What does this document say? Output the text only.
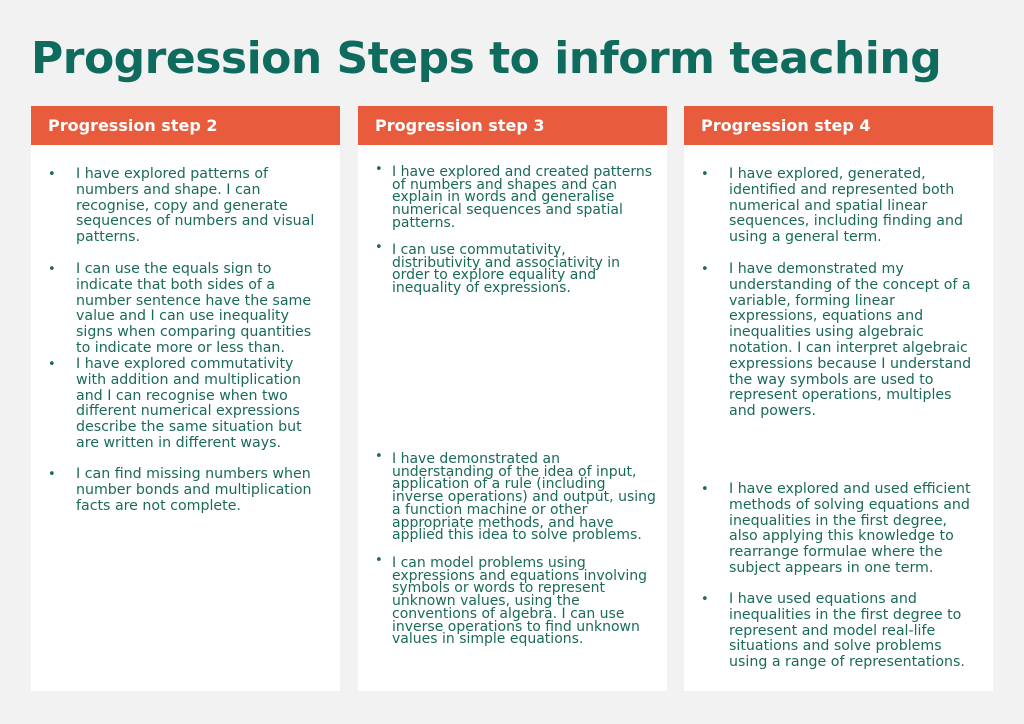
Progression Steps to inform teaching
Progression step 2

• I have explored patterns of numbers and shape. I can recognise, copy and generate sequences of numbers and visual patterns.

• I can use the equals sign to indicate that both sides of a number sentence have the same value and I can use inequality signs when comparing quantities to indicate more or less than.

• I have explored commutativity with addition and multiplication and I can recognise when two different numerical expressions describe the same situation but are written in different ways.

• I can find missing numbers when number bonds and multiplication facts are not complete.

Progression step 3

• I have explored and created patterns of numbers and shapes and can explain in words and generalise numerical sequences and spatial patterns.

• I can use commutativity, distributivity and associativity in order to explore equality and inequality of expressions.

• I have demonstrated an understanding of the idea of input, application of a rule (including inverse operations) and output, using a function machine or other appropriate methods, and have applied this idea to solve problems.

• I can model problems using expressions and equations involving symbols or words to represent unknown values, using the conventions of algebra. I can use inverse operations to find unknown values in simple equations.

Progression step 4

• I have explored, generated, identified and represented both numerical and spatial linear sequences, including finding and using a general term.

• I have demonstrated my understanding of the concept of a variable, forming linear expressions, equations and inequalities using algebraic notation. I can interpret algebraic expressions because I understand the way symbols are used to represent operations, multiples and powers.

• I have explored and used efficient methods of solving equations and inequalities in the first degree, also applying this knowledge to rearrange formulae where the subject appears in one term.

• I have used equations and inequalities in the first degree to represent and model real-life situations and solve problems using a range of representations.
